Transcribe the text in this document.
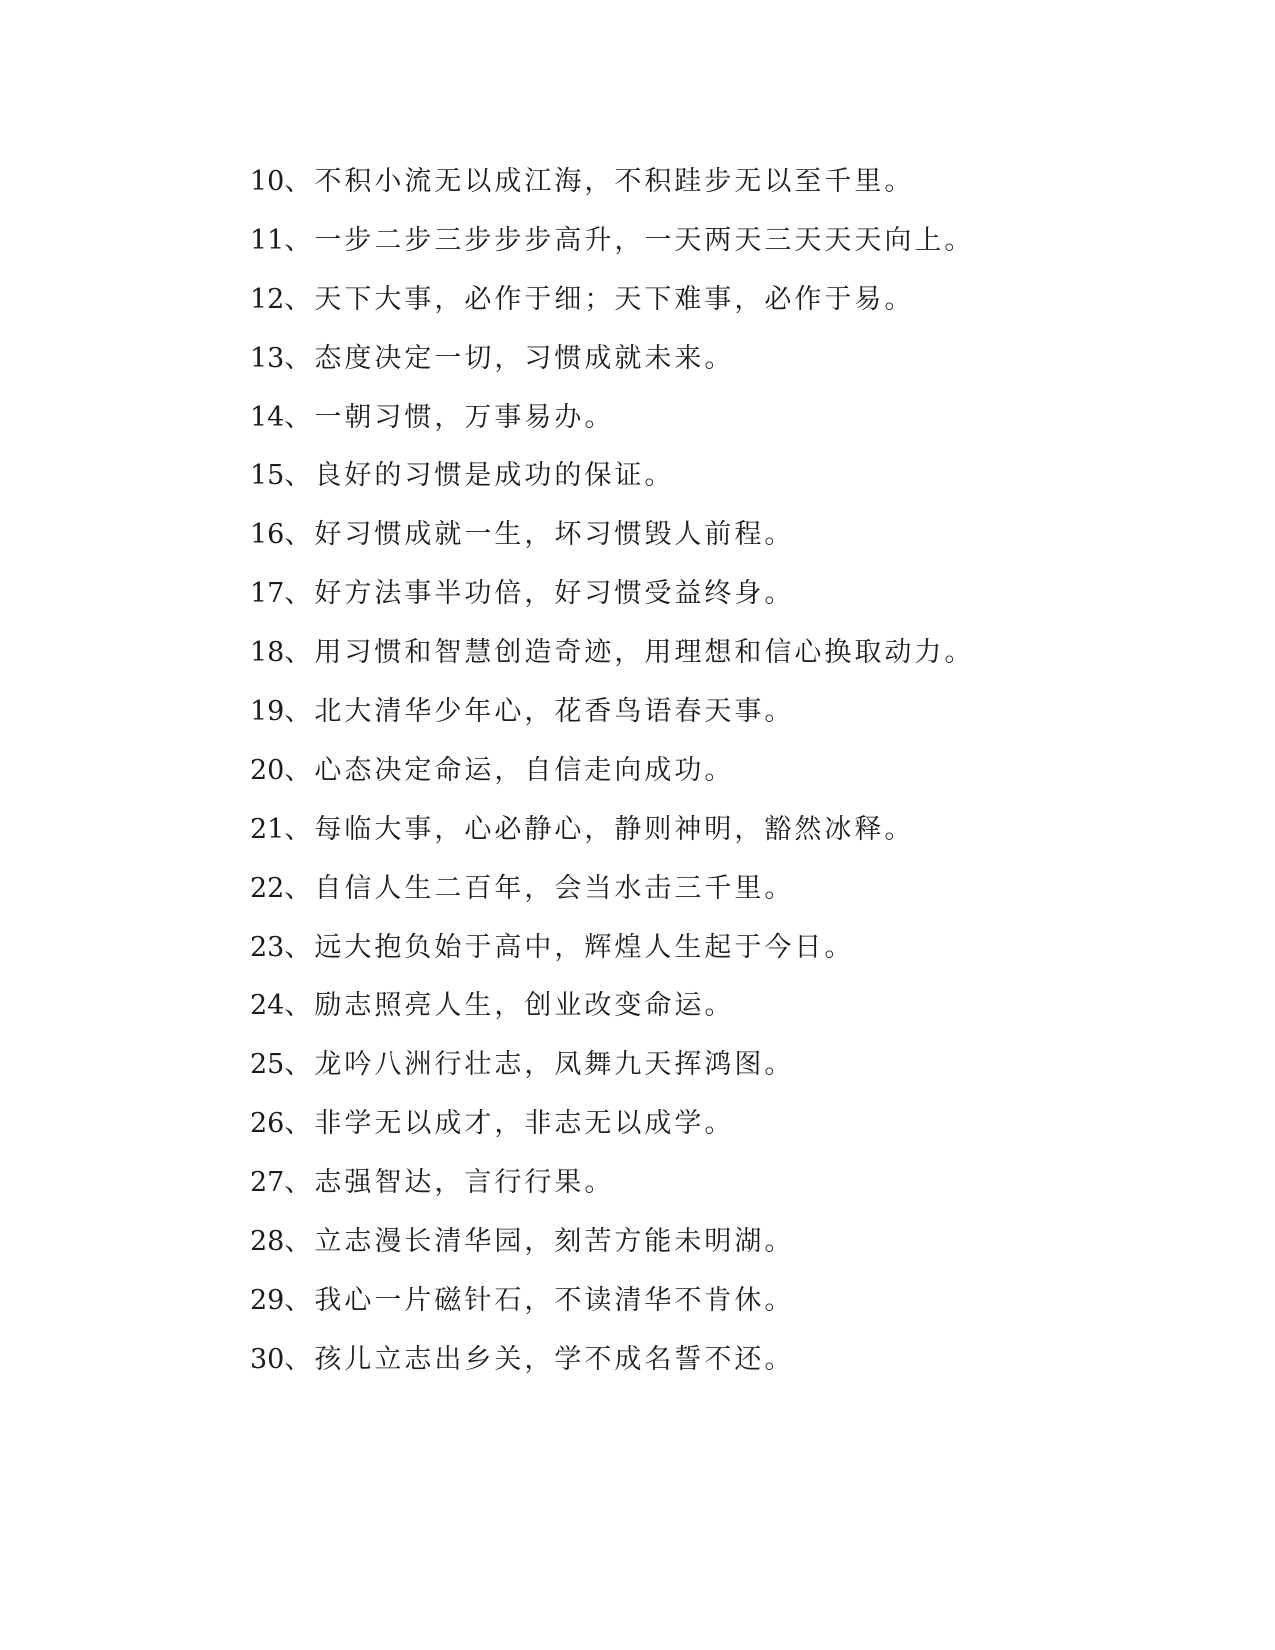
10、不积小流无以成江海，不积跬步无以至千里。
11、一步二步三步步步高升，一天两天三天天天向上。
12、天下大事，必作于细；天下难事，必作于易。
13、态度决定一切，习惯成就未来。
14、一朝习惯，万事易办。
15、良好的习惯是成功的保证。
16、好习惯成就一生，坏习惯毁人前程。
17、好方法事半功倍，好习惯受益终身。
18、用习惯和智慧创造奇迹，用理想和信心换取动力。
19、北大清华少年心，花香鸟语春天事。
20、心态决定命运，自信走向成功。
21、每临大事，心必静心，静则神明，豁然冰释。
22、自信人生二百年，会当水击三千里。
23、远大抱负始于高中，辉煌人生起于今日。
24、励志照亮人生，创业改变命运。
25、龙吟八洲行壮志，凤舞九天挥鸿图。
26、非学无以成才，非志无以成学。
27、志强智达，言行行果。
28、立志漫长清华园，刻苦方能未明湖。
29、我心一片磁针石，不读清华不肯休。
30、孩儿立志出乡关，学不成名誓不还。
